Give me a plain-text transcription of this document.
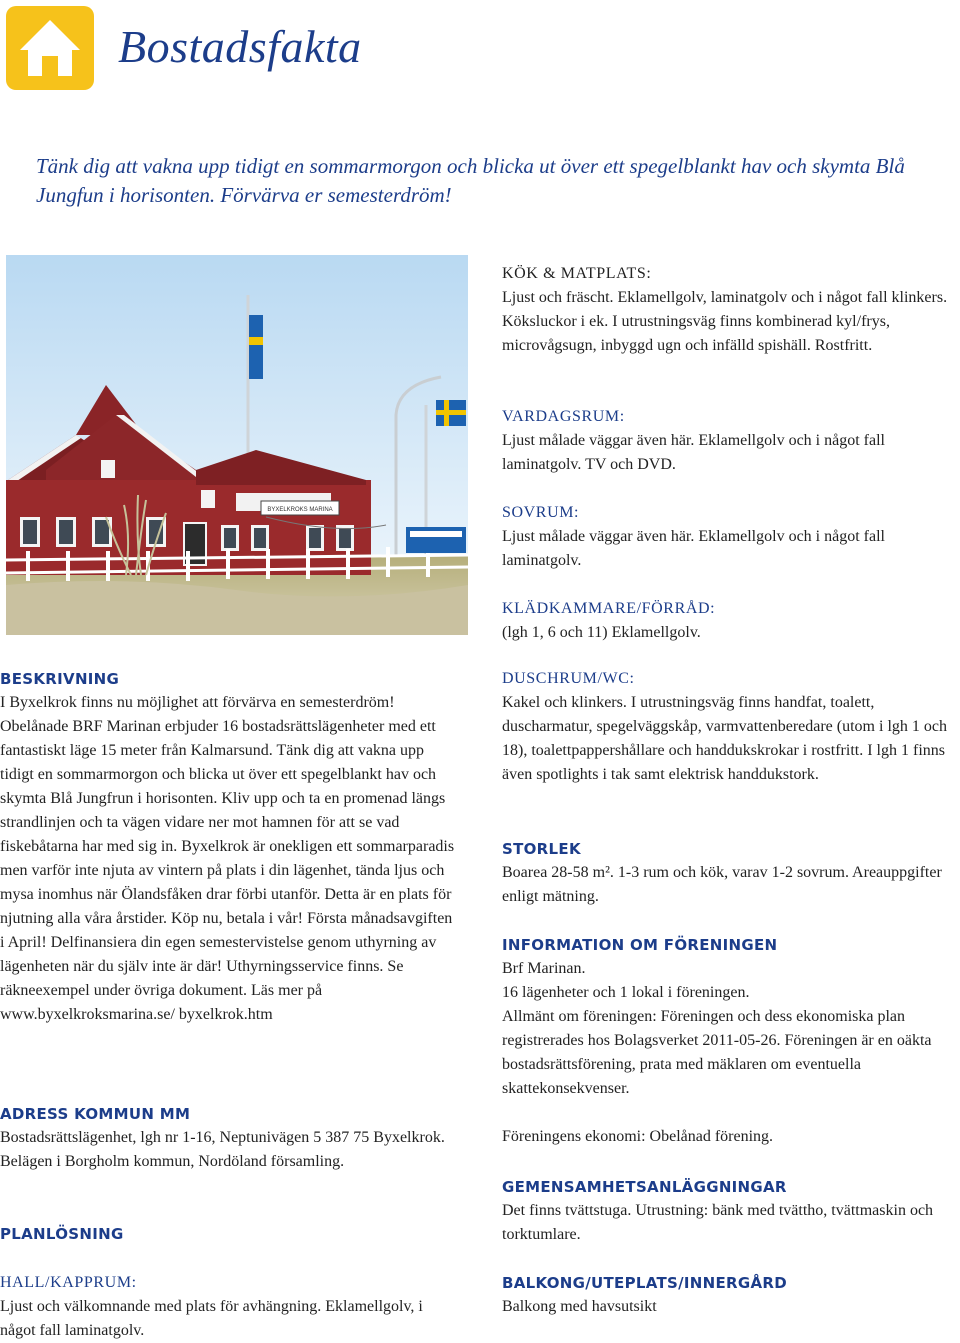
Bostadsfakta
Tänk dig att vakna upp tidigt en sommarmorgon och blicka ut över ett spegelblankt hav och skymta Blå Jungfun i horisonten. Förvärva er semesterdröm!
BYXELKROKS MARINA

KÖK & MATPLATS:

Ljust och fräscht. Eklamellgolv, laminatgolv och i något fall klinkers. Köksluckor i ek. I utrustningsväg finns kombinerad kyl/frys, microvågsugn, inbyggd ugn och infälld spishäll. Rostfritt.

VARDAGSRUM:

Ljust målade väggar även här. Eklamellgolv och i något fall laminatgolv. TV och DVD.

SOVRUM:

Ljust målade väggar även här. Eklamellgolv och i något fall laminatgolv.

KLÄDKAMMARE/FÖRRÅD:

(lgh 1, 6 och 11) Eklamellgolv.

BESKRIVNING

I Byxelkrok finns nu möjlighet att förvärva en semesterdröm! Obelånade BRF Marinan erbjuder 16 bostadsrättslägenheter med ett fantastiskt läge 15 meter från Kalmarsund. Tänk dig att vakna upp tidigt en sommarmorgon och blicka ut över ett spegelblankt hav och skymta Blå Jungfrun i horisonten. Kliv upp och ta en promenad längs strandlinjen och ta vägen vidare ner mot hamnen för att se vad fiskebåtarna har med sig in. Byxelkrok är onekligen ett sommarparadis men varför inte njuta av vintern på plats i din lägenhet, tända ljus och mysa inomhus när Ölandsfåken drar förbi utanför. Detta är en plats för njutning alla våra årstider. Köp nu, betala i vår! Första månadsavgiften i April! Delfinansiera din egen semestervistelse genom uthyrning av lägenheten när du själv inte är där! Uthyrningsservice finns. Se räkneexempel under övriga dokument. Läs mer på www.byxelkroksmarina.se/ byxelkrok.htm

ADRESS KOMMUN MM

Bostadsrättslägenhet, lgh nr 1-16, Neptunivägen 5 387 75 Byxelkrok. Belägen i Borgholm kommun, Nordöland församling.

PLANLÖSNING

HALL/KAPPRUM:

Ljust och välkomnande med plats för avhängning. Eklamellgolv, i något fall laminatgolv.

DUSCHRUM/WC:

Kakel och klinkers. I utrustningsväg finns handfat, toalett, duscharmatur, spegelväggskåp, varmvattenberedare (utom i lgh 1 och 18), toalettpappershållare och handdukskrokar i rostfritt. I lgh 1 finns även spotlights i tak samt elektrisk handdukstork.

STORLEK

Boarea 28-58 m². 1-3 rum och kök, varav 1-2 sovrum. Areauppgifter enligt mätning.

INFORMATION OM FÖRENINGEN

Brf Marinan.

16 lägenheter och 1 lokal i föreningen.

Allmänt om föreningen: Föreningen och dess ekonomiska plan registrerades hos Bolagsverket 2011-05-26. Föreningen är en oäkta bostadsrättsförening, prata med mäklaren om eventuella skattekonsekvenser.

Föreningens ekonomi: Obelånad förening.

GEMENSAMHETSANLÄGGNINGAR

Det finns tvättstuga. Utrustning: bänk med tvättho, tvättmaskin och torktumlare.

BALKONG/UTEPLATS/INNERGÅRD

Balkong med havsutsikt
